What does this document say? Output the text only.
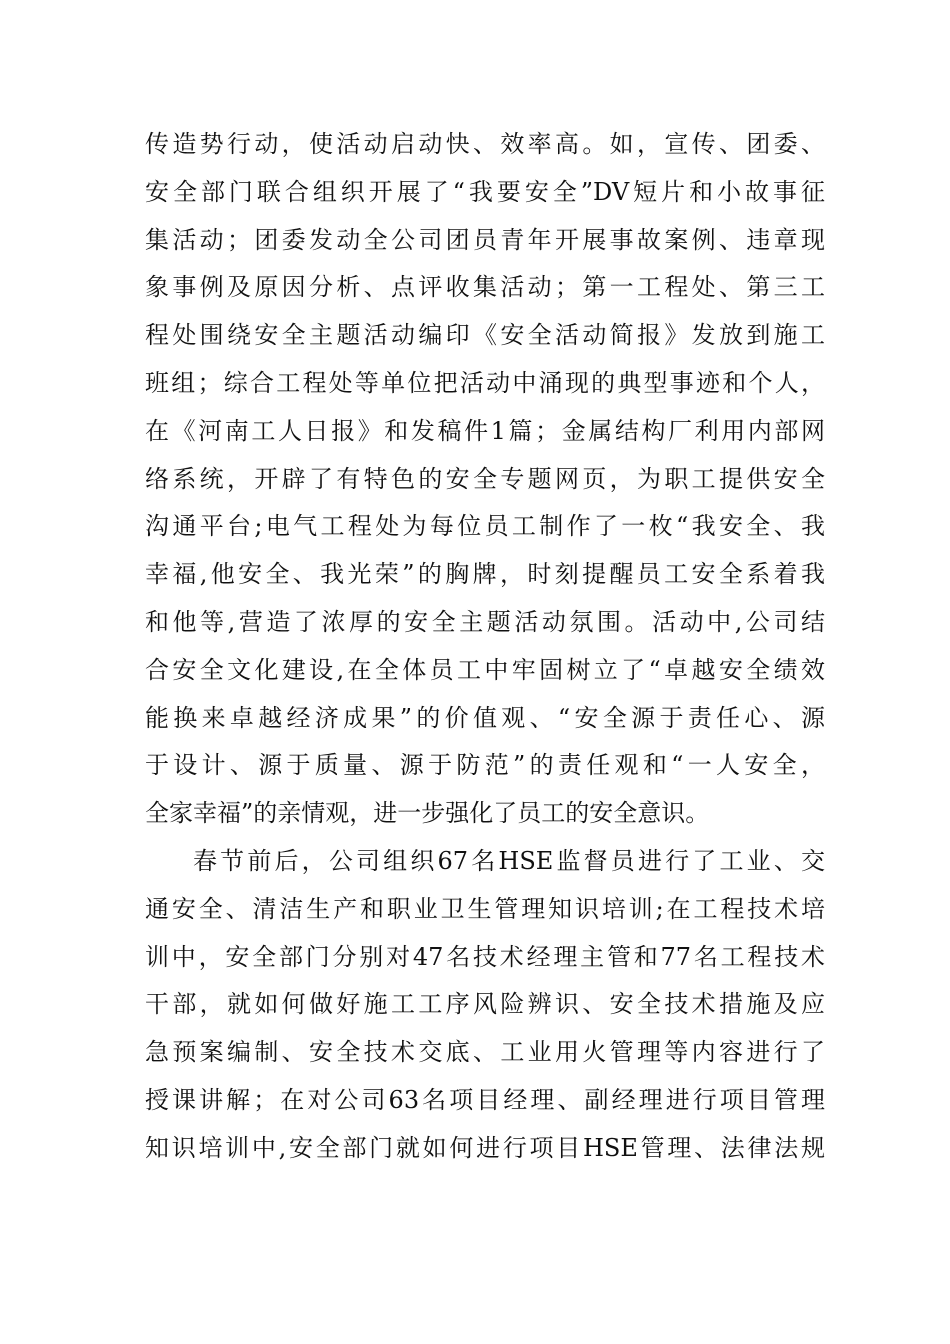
传造势行动，使活动启动快、效率高。如，宣传、团委、
安全部门联合组织开展了“我要安全”DV短片和小故事征
集活动；团委发动全公司团员青年开展事故案例、违章现
象事例及原因分析、点评收集活动；第一工程处、第三工
程处围绕安全主题活动编印《安全活动简报》发放到施工
班组；综合工程处等单位把活动中涌现的典型事迹和个人，
在《河南工人日报》和发稿件1篇；金属结构厂利用内部网
络系统，开辟了有特色的安全专题网页，为职工提供安全
沟通平台;电气工程处为每位员工制作了一枚“我安全、我
幸福,他安全、我光荣”的胸牌，时刻提醒员工安全系着我
和他等,营造了浓厚的安全主题活动氛围。活动中,公司结
合安全文化建设,在全体员工中牢固树立了“卓越安全绩效
能换来卓越经济成果”的价值观、“安全源于责任心、源
于设计、源于质量、源于防范”的责任观和“一人安全，
全家幸福”的亲情观，进一步强化了员工的安全意识。
春节前后，公司组织67名HSE监督员进行了工业、交
通安全、清洁生产和职业卫生管理知识培训;在工程技术培
训中，安全部门分别对47名技术经理主管和77名工程技术
干部，就如何做好施工工序风险辨识、安全技术措施及应
急预案编制、安全技术交底、工业用火管理等内容进行了
授课讲解；在对公司63名项目经理、副经理进行项目管理
知识培训中,安全部门就如何进行项目HSE管理、法律法规
